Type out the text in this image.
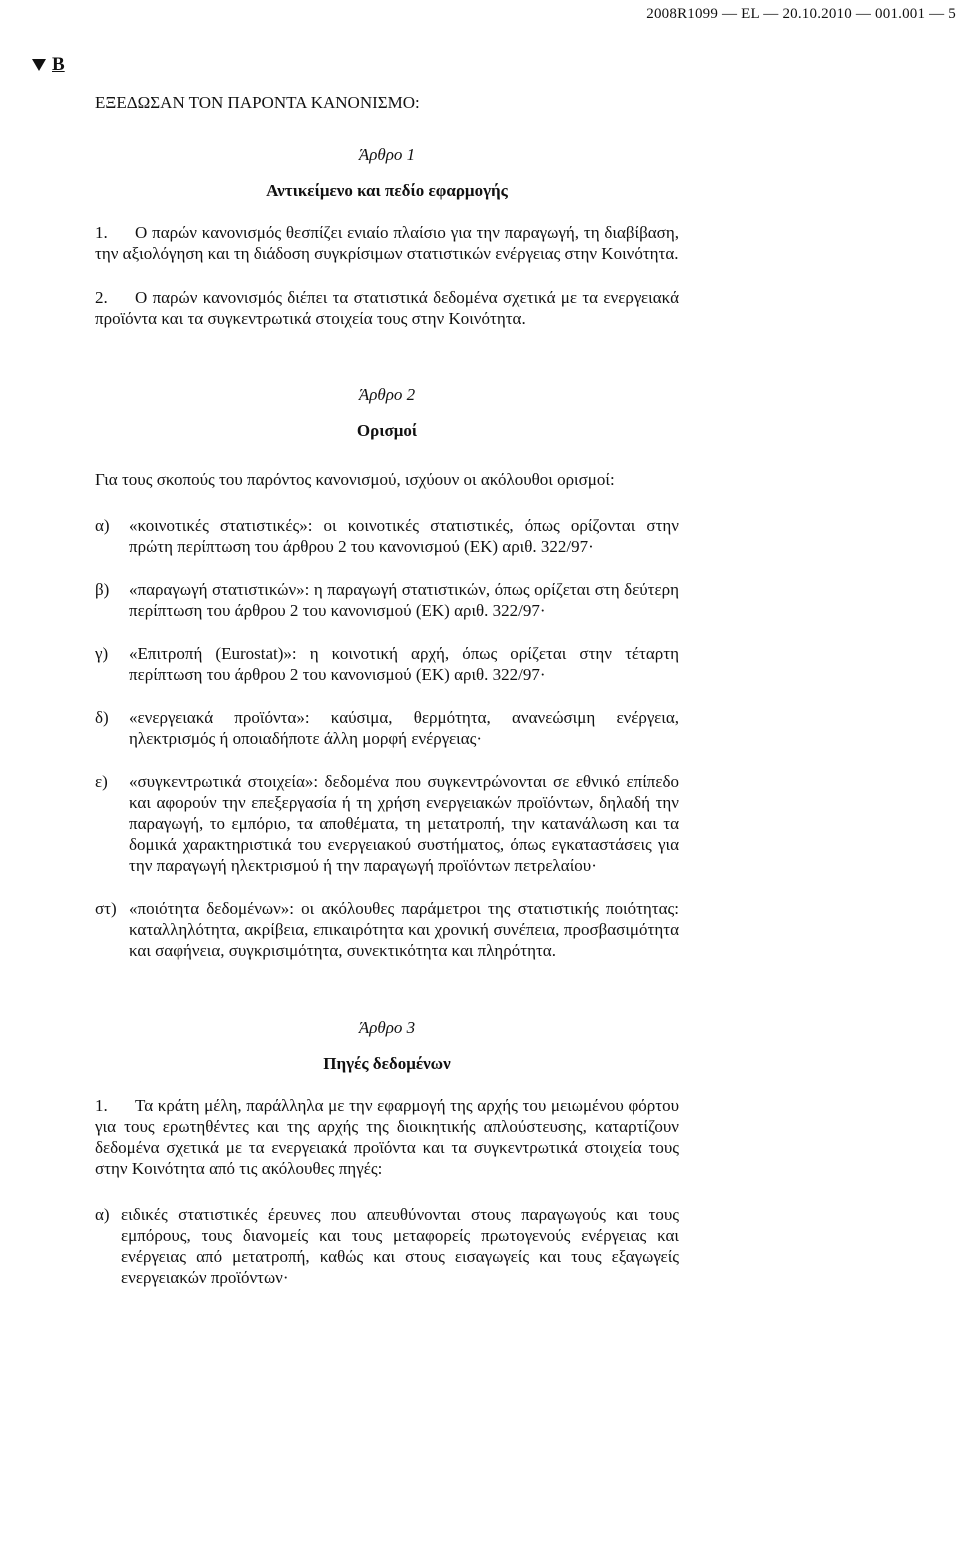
2008R1099 — EL — 20.10.2010 — 001.001 — 5
B

ΕΞΕΔΩΣΑΝ ΤΟΝ ΠΑΡΟΝΤΑ ΚΑΝΟΝΙΣΜΟ:

Άρθρο 1

Αντικείμενο και πεδίο εφαρμογής

1. Ο παρών κανονισμός θεσπίζει ενιαίο πλαίσιο για την παραγωγή, τη διαβίβαση, την αξιολόγηση και τη διάδοση συγκρίσιμων στατιστικών ενέργειας στην Κοινότητα.

2. Ο παρών κανονισμός διέπει τα στατιστικά δεδομένα σχετικά με τα ενεργειακά προϊόντα και τα συγκεντρωτικά στοιχεία τους στην Κοινότητα.

Άρθρο 2

Ορισμοί

Για τους σκοπούς του παρόντος κανονισμού, ισχύουν οι ακόλουθοι ορισμοί:

α)	«κοινοτικές στατιστικές»: οι κοινοτικές στατιστικές, όπως ορίζονται στην πρώτη περίπτωση του άρθρου 2 του κανονισμού (ΕΚ) αριθ. 322/97·
β)	«παραγωγή στατιστικών»: η παραγωγή στατιστικών, όπως ορίζεται στη δεύτερη περίπτωση του άρθρου 2 του κανονισμού (ΕΚ) αριθ. 322/97·
γ)	«Επιτροπή (Eurostat)»: η κοινοτική αρχή, όπως ορίζεται στην τέταρτη περίπτωση του άρθρου 2 του κανονισμού (ΕΚ) αριθ. 322/97·
δ)	«ενεργειακά προϊόντα»: καύσιμα, θερμότητα, ανανεώσιμη ενέργεια, ηλεκτρισμός ή οποιαδήποτε άλλη μορφή ενέργειας·
ε)	«συγκεντρωτικά στοιχεία»: δεδομένα που συγκεντρώνονται σε εθνικό επίπεδο και αφορούν την επεξεργασία ή τη χρήση ενεργειακών προϊόντων, δηλαδή την παραγωγή, το εμπόριο, τα αποθέματα, τη μετατροπή, την κατανάλωση και τα δομικά χαρακτηριστικά του ενεργειακού συστήματος, όπως εγκαταστάσεις για την παραγωγή ηλεκτρισμού ή την παραγωγή προϊόντων πετρελαίου·
στ) «ποιότητα δεδομένων»: οι ακόλουθες παράμετροι της στατιστικής ποιότητας: καταλληλότητα, ακρίβεια, επικαιρότητα και χρονική συνέπεια, προσβασιμότητα και σαφήνεια, συγκρισιμότητα, συνεκτικότητα και πληρότητα.

Άρθρο 3

Πηγές δεδομένων

1. Τα κράτη μέλη, παράλληλα με την εφαρμογή της αρχής του μειωμένου φόρτου για τους ερωτηθέντες και της αρχής της διοικητικής απλούστευσης, καταρτίζουν δεδομένα σχετικά με τα ενεργειακά προϊόντα και τα συγκεντρωτικά στοιχεία τους στην Κοινότητα από τις ακόλουθες πηγές:

α) ειδικές στατιστικές έρευνες που απευθύνονται στους παραγωγούς και τους εμπόρους, τους διανομείς και τους μεταφορείς πρωτογενούς ενέργειας και ενέργειας από μετατροπή, καθώς και στους εισαγωγείς και τους εξαγωγείς ενεργειακών προϊόντων·
